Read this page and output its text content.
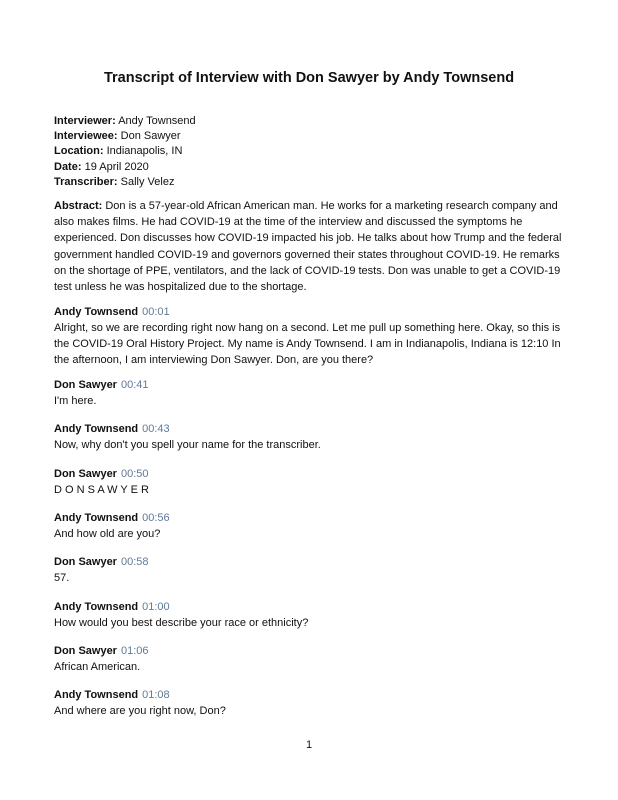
Transcript of Interview with Don Sawyer by Andy Townsend
Interviewer: Andy Townsend
Interviewee: Don Sawyer
Location: Indianapolis, IN
Date: 19 April 2020
Transcriber: Sally Velez

Abstract: Don is a 57-year-old African American man. He works for a marketing research company and also makes films. He had COVID-19 at the time of the interview and discussed the symptoms he experienced. Don discusses how COVID-19 impacted his job. He talks about how Trump and the federal government handled COVID-19 and governors governed their states throughout COVID-19. He remarks on the shortage of PPE, ventilators, and the lack of COVID-19 tests. Don was unable to get a COVID-19 test unless he was hospitalized due to the shortage.

Andy Townsend 00:01

Alright, so we are recording right now hang on a second. Let me pull up something here. Okay, so this is the COVID-19 Oral History Project. My name is Andy Townsend. I am in Indianapolis, Indiana is 12:10 In the afternoon, I am interviewing Don Sawyer. Don, are you there?

Don Sawyer 00:41

I'm here.

Andy Townsend 00:43

Now, why don't you spell your name for the transcriber.

Don Sawyer 00:50

D O N S A W Y E R

Andy Townsend 00:56

And how old are you?

Don Sawyer 00:58

57.

Andy Townsend 01:00

How would you best describe your race or ethnicity?

Don Sawyer 01:06

African American.

Andy Townsend 01:08

And where are you right now, Don?

1
